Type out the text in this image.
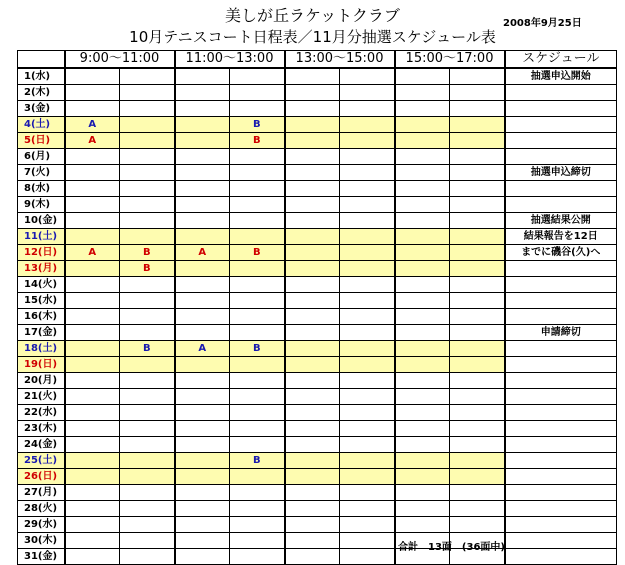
美しが丘ラケットクラブ	2008年9月25日
10月テニスコート日程表／11月分抽選スケジュール表
	9:00〜11:00		11:00〜13:00		13:00〜15:00		15:00〜17:00		スケジュール
1(水)									抽選申込開始
2(木)									
3(金)									
4(土)	A			B					
5(日)	A			B					
6(月)									
7(火)									抽選申込締切
8(水)									
9(木)									
10(金)									抽選結果公開
11(土)									結果報告を12日
12(日)	A	B	A	B					までに磯谷(久)へ
13(月)		B							
14(火)									
15(水)									
16(木)									
17(金)									申請締切
18(土)		B	A	B					
19(日)									
20(月)									
21(火)									
22(水)									
23(木)									
24(金)									
25(土)				B					
26(日)									
27(月)									
28(火)									
29(水)									
30(木)									
31(金)									
合計　13面　(36面中)
